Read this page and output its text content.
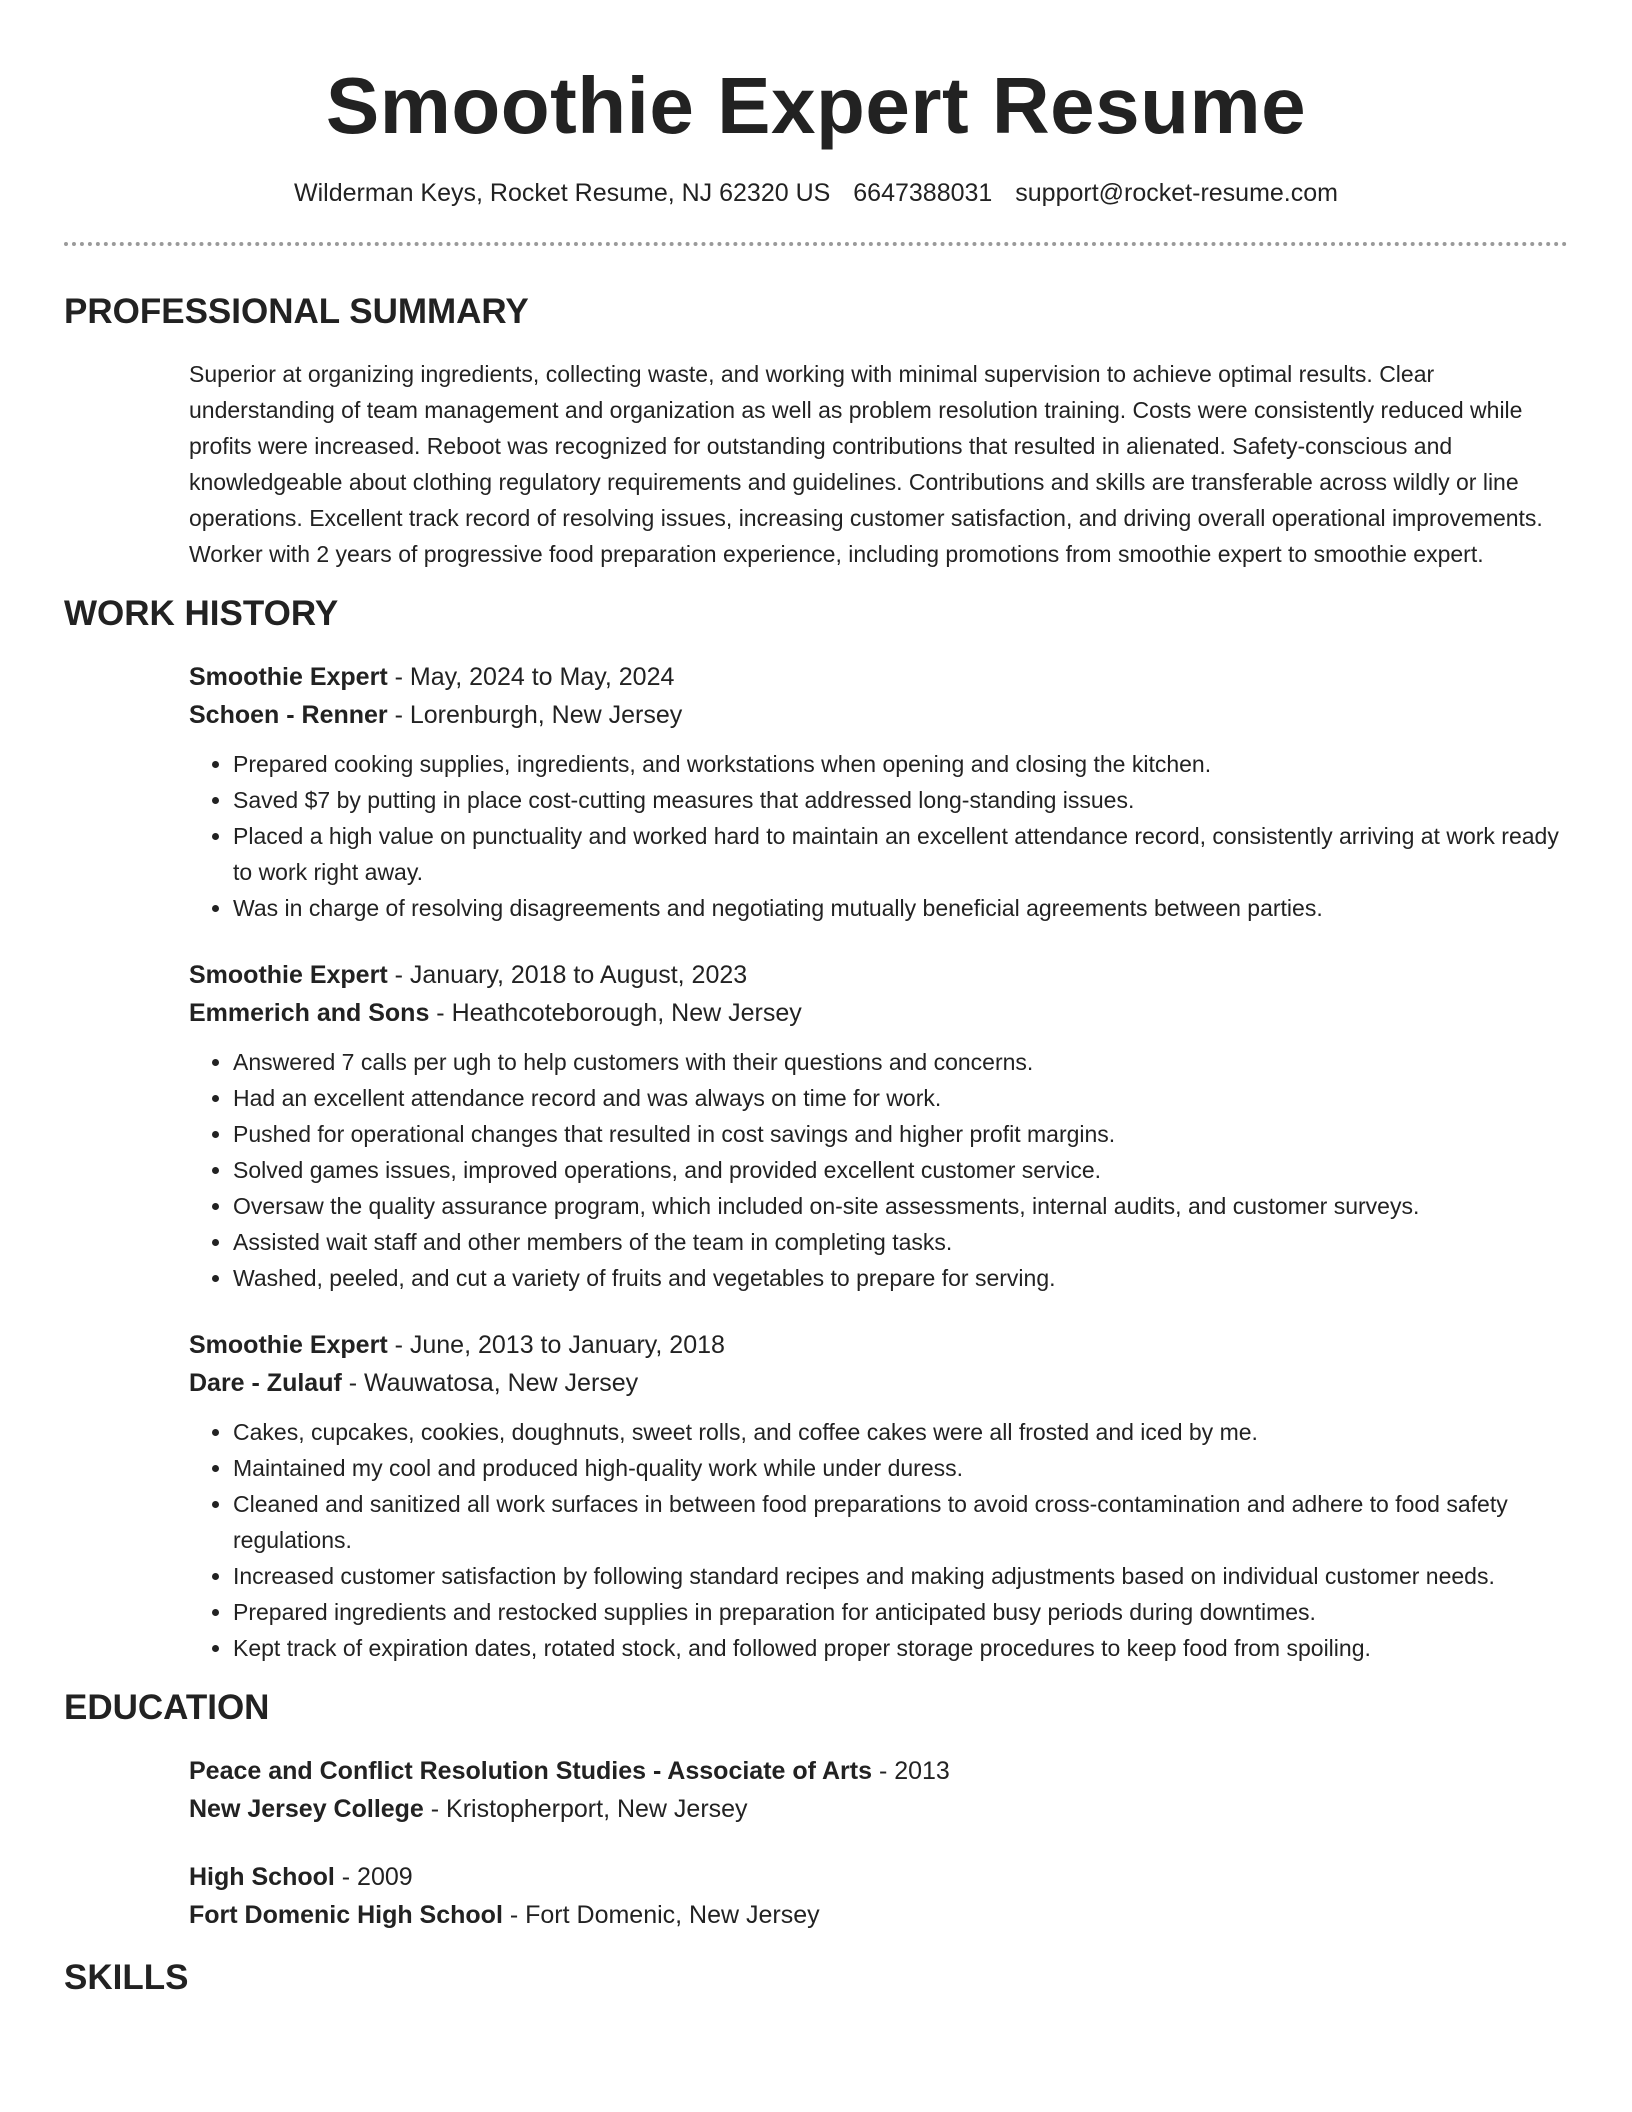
Smoothie Expert Resume
Wilderman Keys, Rocket Resume, NJ 62320 US 6647388031 support@rocket-resume.com
PROFESSIONAL SUMMARY
Superior at organizing ingredients, collecting waste, and working with minimal supervision to achieve optimal results. Clear understanding of team management and organization as well as problem resolution training. Costs were consistently reduced while profits were increased. Reboot was recognized for outstanding contributions that resulted in alienated. Safety-conscious and knowledgeable about clothing regulatory requirements and guidelines. Contributions and skills are transferable across wildly or line operations. Excellent track record of resolving issues, increasing customer satisfaction, and driving overall operational improvements. Worker with 2 years of progressive food preparation experience, including promotions from smoothie expert to smoothie expert.
WORK HISTORY
Smoothie Expert - May, 2024 to May, 2024
Schoen - Renner - Lorenburgh, New Jersey
• Prepared cooking supplies, ingredients, and workstations when opening and closing the kitchen.
• Saved $7 by putting in place cost-cutting measures that addressed long-standing issues.
• Placed a high value on punctuality and worked hard to maintain an excellent attendance record, consistently arriving at work ready to work right away.
• Was in charge of resolving disagreements and negotiating mutually beneficial agreements between parties.
Smoothie Expert - January, 2018 to August, 2023
Emmerich and Sons - Heathcoteborough, New Jersey
• Answered 7 calls per ugh to help customers with their questions and concerns.
• Had an excellent attendance record and was always on time for work.
• Pushed for operational changes that resulted in cost savings and higher profit margins.
• Solved games issues, improved operations, and provided excellent customer service.
• Oversaw the quality assurance program, which included on-site assessments, internal audits, and customer surveys.
• Assisted wait staff and other members of the team in completing tasks.
• Washed, peeled, and cut a variety of fruits and vegetables to prepare for serving.
Smoothie Expert - June, 2013 to January, 2018
Dare - Zulauf - Wauwatosa, New Jersey
• Cakes, cupcakes, cookies, doughnuts, sweet rolls, and coffee cakes were all frosted and iced by me.
• Maintained my cool and produced high-quality work while under duress.
• Cleaned and sanitized all work surfaces in between food preparations to avoid cross-contamination and adhere to food safety regulations.
• Increased customer satisfaction by following standard recipes and making adjustments based on individual customer needs.
• Prepared ingredients and restocked supplies in preparation for anticipated busy periods during downtimes.
• Kept track of expiration dates, rotated stock, and followed proper storage procedures to keep food from spoiling.
EDUCATION
Peace and Conflict Resolution Studies - Associate of Arts - 2013
New Jersey College - Kristopherport, New Jersey
High School - 2009
Fort Domenic High School - Fort Domenic, New Jersey
SKILLS
